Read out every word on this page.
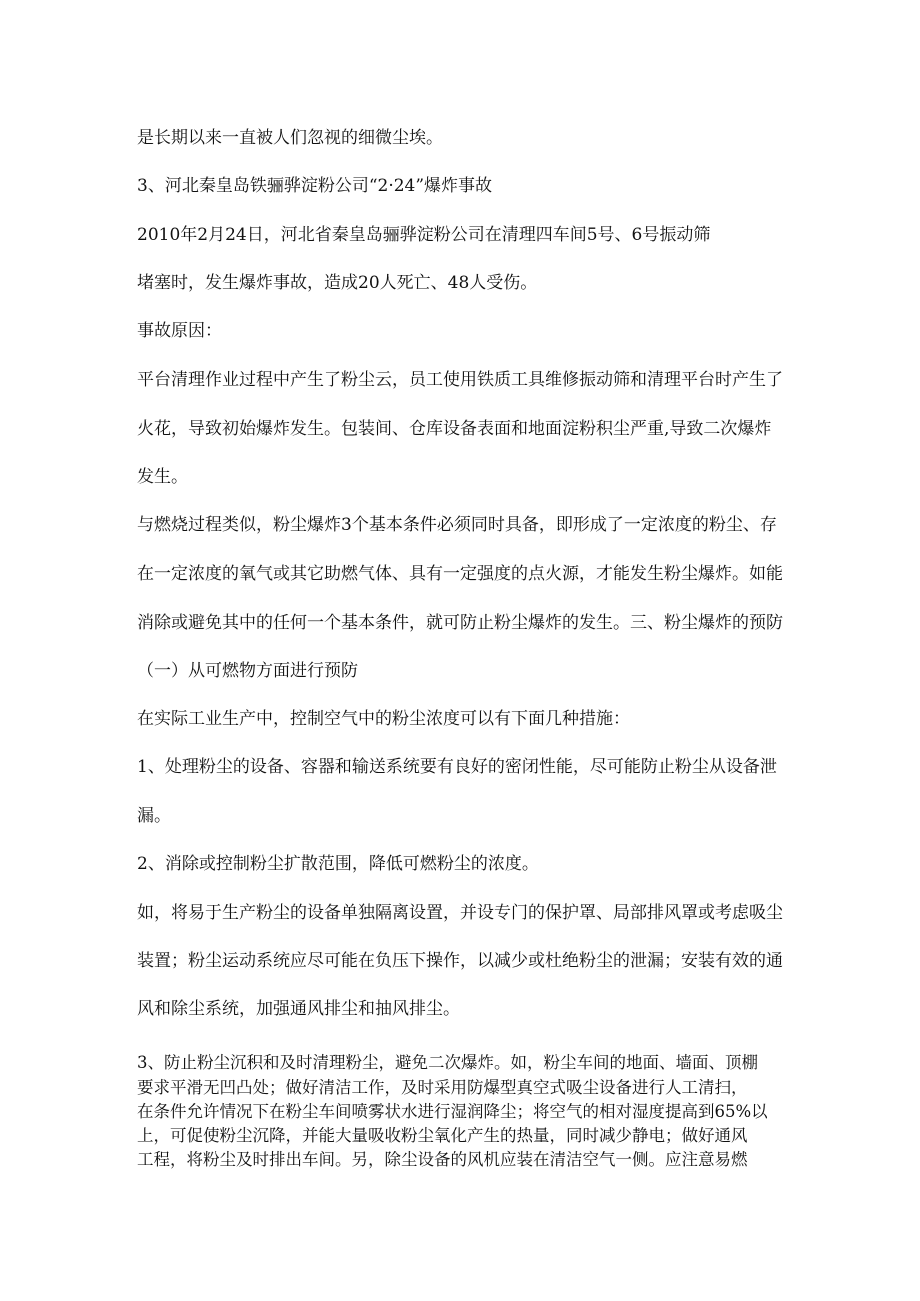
是长期以来一直被人们忽视的细微尘埃。
3、河北秦皇岛铁骊骅淀粉公司“2·24”爆炸事故
2010年2月24日，河北省秦皇岛骊骅淀粉公司在清理四车间5号、6号振动筛
堵塞时，发生爆炸事故，造成20人死亡、48人受伤。
事故原因：
平台清理作业过程中产生了粉尘云，员工使用铁质工具维修振动筛和清理平台时产生了
火花，导致初始爆炸发生。包装间、仓库设备表面和地面淀粉积尘严重,导致二次爆炸
发生。
与燃烧过程类似，粉尘爆炸3个基本条件必须同时具备，即形成了一定浓度的粉尘、存
在一定浓度的氧气或其它助燃气体、具有一定强度的点火源，才能发生粉尘爆炸。如能
消除或避免其中的任何一个基本条件，就可防止粉尘爆炸的发生。三、粉尘爆炸的预防
（一）从可燃物方面进行预防
在实际工业生产中，控制空气中的粉尘浓度可以有下面几种措施：
1、处理粉尘的设备、容器和输送系统要有良好的密闭性能，尽可能防止粉尘从设备泄
漏。
2、消除或控制粉尘扩散范围，降低可燃粉尘的浓度。
如，将易于生产粉尘的设备单独隔离设置，并设专门的保护罩、局部排风罩或考虑吸尘
装置；粉尘运动系统应尽可能在负压下操作，以减少或杜绝粉尘的泄漏；安装有效的通
风和除尘系统，加强通风排尘和抽风排尘。
3、防止粉尘沉积和及时清理粉尘，避免二次爆炸。如，粉尘车间的地面、墙面、顶棚
要求平滑无凹凸处；做好清洁工作，及时采用防爆型真空式吸尘设备进行人工清扫，
在条件允许情况下在粉尘车间喷雾状水进行湿润降尘；将空气的相对湿度提高到65%以
上，可促使粉尘沉降，并能大量吸收粉尘氧化产生的热量，同时减少静电；做好通风
工程，将粉尘及时排出车间。另，除尘设备的风机应装在清洁空气一侧。应注意易燃
